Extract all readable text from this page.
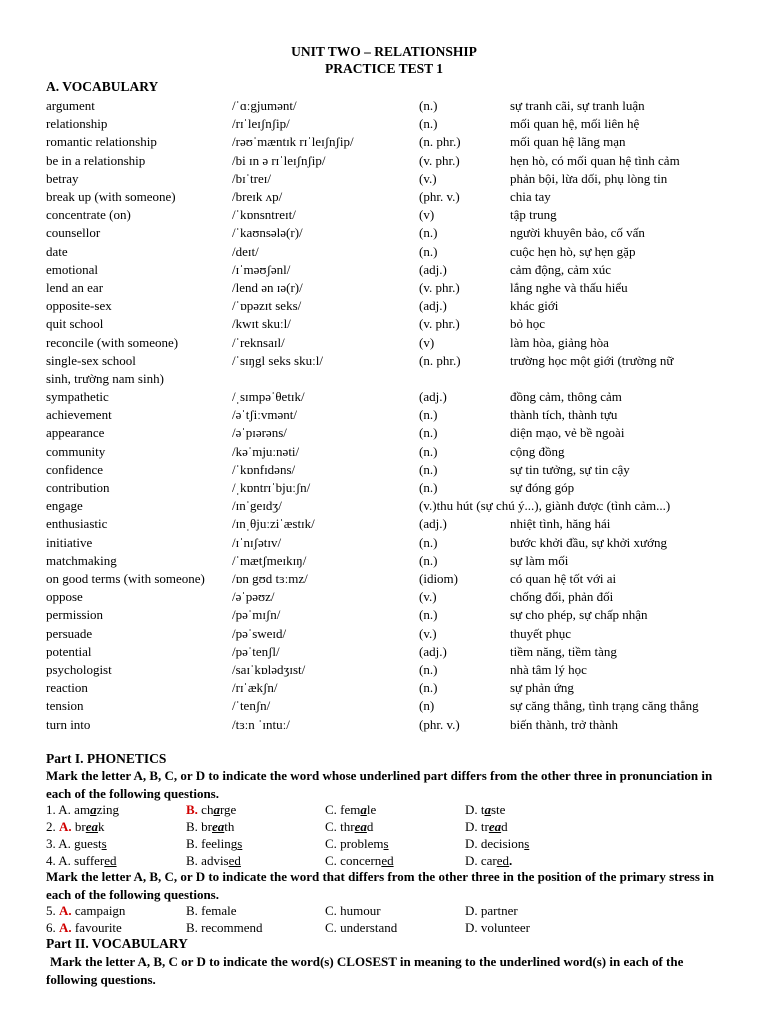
UNIT TWO – RELATIONSHIP
PRACTICE TEST 1
A. VOCABULARY
argument	/ˈɑːgjumənt/	(n.)	sự tranh cãi, sự tranh luận
relationship	/rɪˈleɪʃnʃip/	(n.)	mối quan hệ, mối liên hệ
romantic relationship	/rəʊˈmæntɪk rɪˈleɪʃnʃip/	(n. phr.)	mối quan hệ lãng mạn
be in a relationship	/bi ɪn ə rɪˈleɪʃnʃip/	(v. phr.)	hẹn hò, có mối quan hệ tình cảm
betray	/bɪˈtreɪ/	(v.)	phản bội, lừa dối, phụ lòng tin
break up (with someone)	/breɪk ʌp/	(phr. v.)	chia tay
concentrate (on)	/ˈkɒnsntreɪt/	(v)	tập trung
counsellor	/ˈkaʊnsələ(r)/	(n.)	người khuyên bảo, cố vấn
date	/deɪt/	(n.)	cuộc hẹn hò, sự hẹn gặp
emotional	/ɪˈməʊʃənl/	(adj.)	cảm động, cảm xúc
lend an ear	/lend ən ɪə(r)/	(v. phr.)	lắng nghe và thấu hiểu
opposite-sex	/ˈɒpəzɪt seks/	(adj.)	khác giới
quit school	/kwɪt skuːl/	(v. phr.)	bỏ học
reconcile (with someone)	/ˈreknsaɪl/	(v)	làm hòa, giảng hòa
single-sex school	/ˈsɪŋgl seks skuːl/	(n. phr.)	trường học một giới (trường nữ
sympathetic	/ˌsɪmpəˈθetɪk/	(adj.)	đồng cảm, thông cảm
achievement	/əˈtʃiːvmənt/	(n.)	thành tích, thành tựu
appearance	/əˈpɪərəns/	(n.)	diện mạo, vẻ bề ngoài
community	/kəˈmjuːnəti/	(n.)	cộng đồng
confidence	/ˈkɒnfɪdəns/	(n.)	sự tin tưởng, sự tin cậy
contribution	/ˌkɒntrɪˈbjuːʃn/	(n.)	sự đóng góp
engage	/ɪnˈgeɪdʒ/	(v.)thu hút (sự chú ý...), giành được (tình cảm...)
enthusiastic	/ɪnˌθjuːziˈæstɪk/	(adj.)	nhiệt tình, hăng hái
initiative	/ɪˈnɪʃətɪv/	(n.)	bước khởi đầu, sự khởi xướng
matchmaking	/ˈmætʃmeɪkɪŋ/	(n.)	sự làm mối
on good terms (with someone) /ɒn gʊd tɜːmz/	(idiom)	có quan hệ tốt với ai
oppose	/əˈpəʊz/	(v.)	chống đối, phản đối
permission	/pəˈmɪʃn/	(n.)	sự cho phép, sự chấp nhận
persuade	/pəˈsweɪd/	(v.)	thuyết phục
potential	/pəˈtenʃl/	(adj.)	tiềm năng, tiềm tàng
psychologist	/saɪˈkɒlədʒɪst/	(n.)	nhà tâm lý học
reaction	/rɪˈækʃn/	(n.)	sự phản ứng
tension	/ˈtenʃn/	(n)	sự căng thẳng, tình trạng căng thẳng
turn into	/tɜːn ˈɪntuː/	(phr. v.)	biến thành, trở thành
sinh, trường nam sinh)
Part I. PHONETICS
Mark the letter A, B, C, or D to indicate the word whose underlined part differs from the other three in pronunciation in each of the following questions.
1. A. amazing	B. charge	C. female	D. taste
2. A. break	B. breath	C. thread	D. tread
3. A. guests	B. feelings	C. problems	D. decisions
4. A. suffered	B. advised	C. concerned	D. cared.
Mark the letter A, B, C, or D to indicate the word that differs from the other three in the position of the primary stress in each of the following questions.
5. A. campaign	B. female	C. humour	D. partner
6. A. favourite	B. recommend	C. understand	D. volunteer
Part II. VOCABULARY
Mark the letter A, B, C or D to indicate the word(s) CLOSEST in meaning to the underlined word(s) in each of the following questions.
